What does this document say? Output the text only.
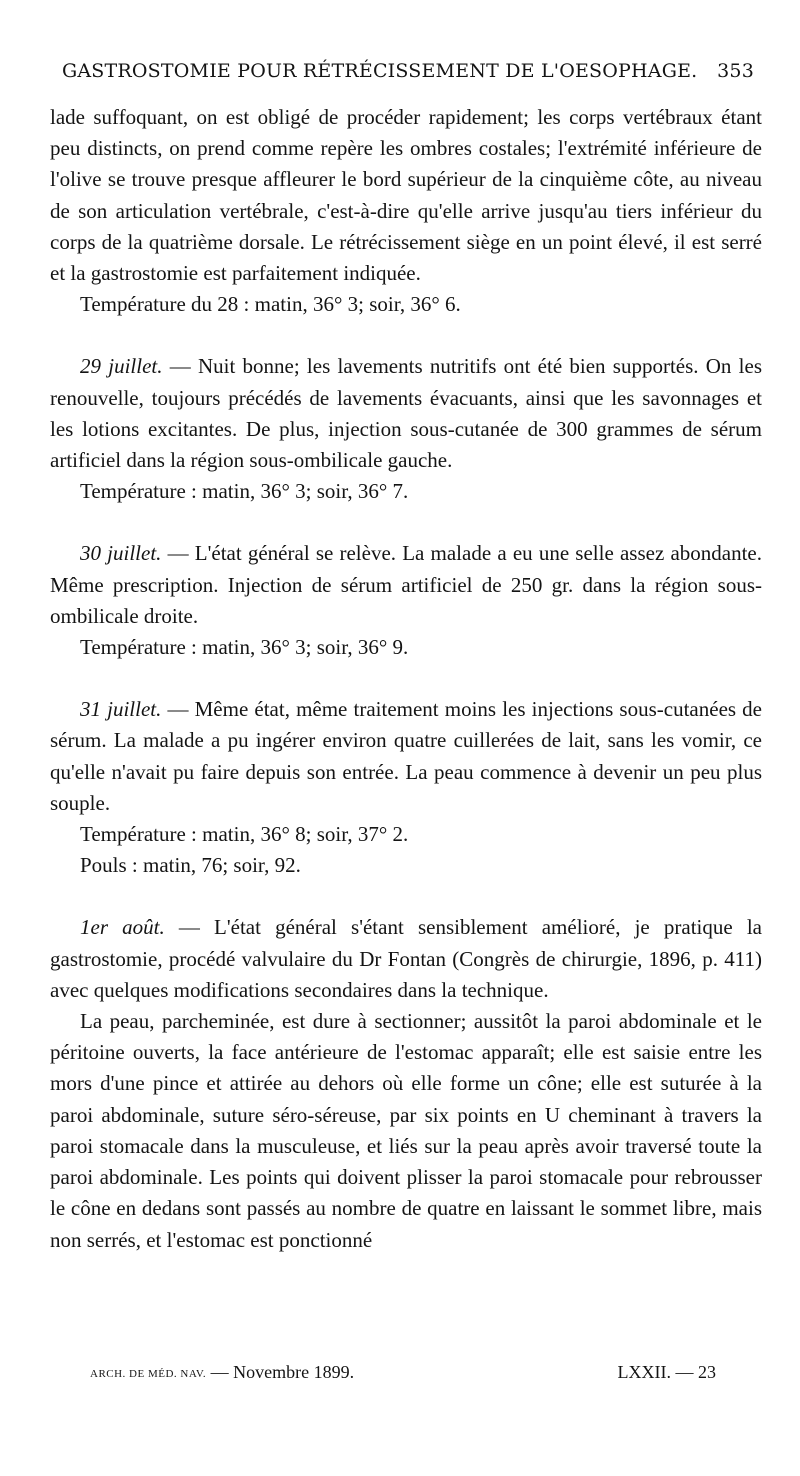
GASTROSTOMIE POUR RÉTRÉCISSEMENT DE L'OESOPHAGE. 353

lade suffoquant, on est obligé de procéder rapidement; les corps vertébraux étant peu distincts, on prend comme repère les ombres costales; l'extrémité inférieure de l'olive se trouve presque affleurer le bord supérieur de la cinquième côte, au niveau de son articulation vertébrale, c'est-à-dire qu'elle arrive jusqu'au tiers inférieur du corps de la quatrième dorsale. Le rétrécissement siège en un point élevé, il est serré et la gastrostomie est parfaitement indiquée.

Température du 28 : matin, 36° 3; soir, 36° 6.

29 juillet. — Nuit bonne; les lavements nutritifs ont été bien supportés. On les renouvelle, toujours précédés de lavements évacuants, ainsi que les savonnages et les lotions excitantes. De plus, injection sous-cutanée de 300 grammes de sérum artificiel dans la région sous-ombilicale gauche.

Température : matin, 36° 3; soir, 36° 7.

30 juillet. — L'état général se relève. La malade a eu une selle assez abondante. Même prescription. Injection de sérum artificiel de 250 gr. dans la région sous-ombilicale droite.

Température : matin, 36° 3; soir, 36° 9.

31 juillet. — Même état, même traitement moins les injections sous-cutanées de sérum. La malade a pu ingérer environ quatre cuillerées de lait, sans les vomir, ce qu'elle n'avait pu faire depuis son entrée. La peau commence à devenir un peu plus souple.

Température : matin, 36° 8; soir, 37° 2.

Pouls : matin, 76; soir, 92.

1er août. — L'état général s'étant sensiblement amélioré, je pratique la gastrostomie, procédé valvulaire du Dr Fontan (Congrès de chirurgie, 1896, p. 411) avec quelques modifications secondaires dans la technique.

La peau, parcheminée, est dure à sectionner; aussitôt la paroi abdominale et le péritoine ouverts, la face antérieure de l'estomac apparaît; elle est saisie entre les mors d'une pince et attirée au dehors où elle forme un cône; elle est suturée à la paroi abdominale, suture séro-séreuse, par six points en U cheminant à travers la paroi stomacale dans la musculeuse, et liés sur la peau après avoir traversé toute la paroi abdominale. Les points qui doivent plisser la paroi stomacale pour rebrousser le cône en dedans sont passés au nombre de quatre en laissant le sommet libre, mais non serrés, et l'estomac est ponctionné

ARCH. DE MÉD. NAV. — Novembre 1899.	LXXII. — 23
